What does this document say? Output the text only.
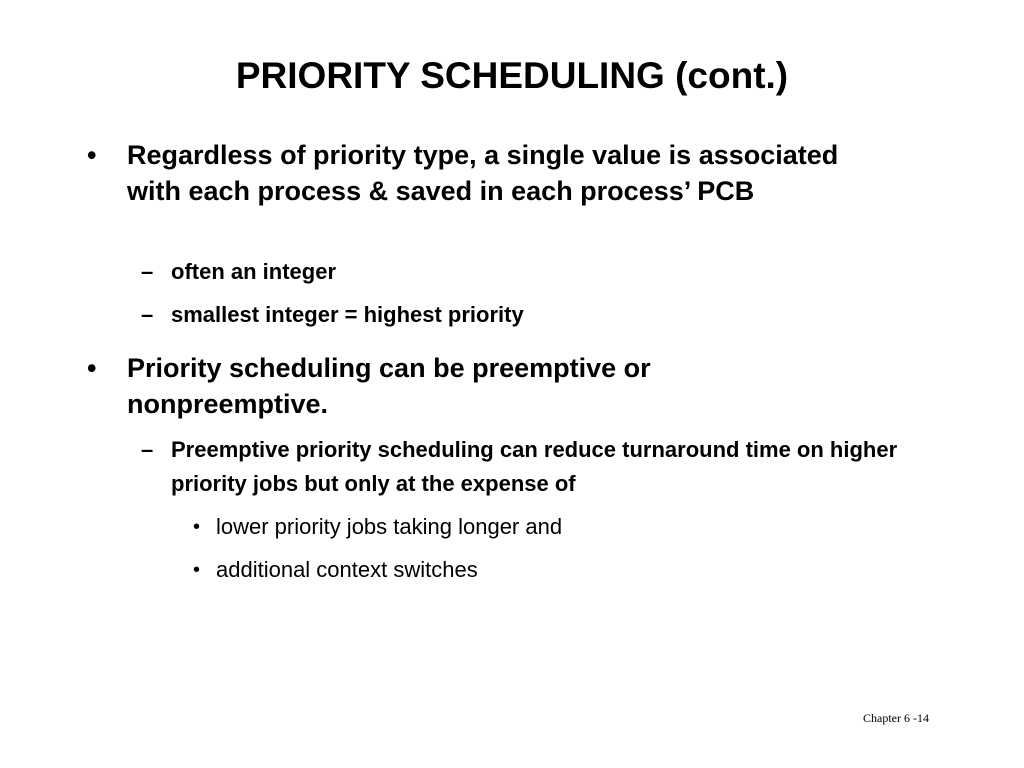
PRIORITY SCHEDULING (cont.)
• Regardless of priority type, a single value is associated with each process & saved in each process’ PCB
– often an integer
– smallest integer = highest priority
• Priority scheduling can be preemptive or nonpreemptive.
– Preemptive priority scheduling can reduce turnaround time on higher priority jobs but only at the expense of
• lower priority jobs taking longer and
• additional context switches
Chapter 6 -14
